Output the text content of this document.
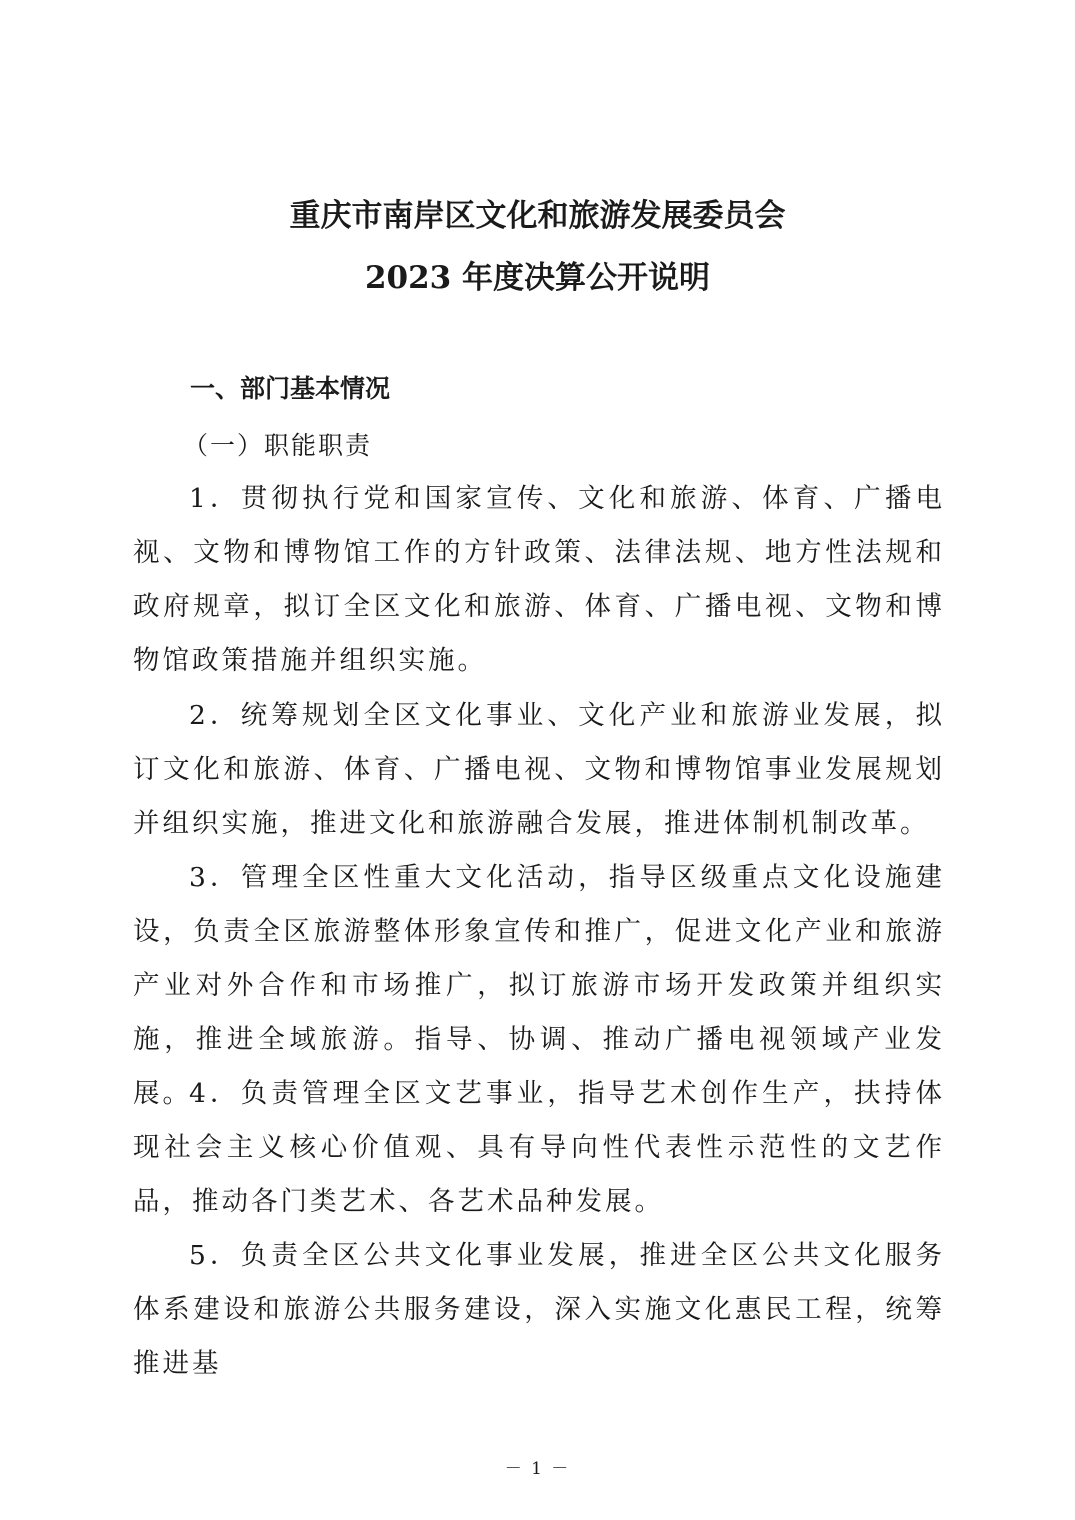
重庆市南岸区文化和旅游发展委员会
2023 年度决算公开说明
一、部门基本情况
（一）职能职责

1．贯彻执行党和国家宣传、文化和旅游、体育、广播电视、文物和博物馆工作的方针政策、法律法规、地方性法规和政府规章，拟订全区文化和旅游、体育、广播电视、文物和博物馆政策措施并组织实施。

2．统筹规划全区文化事业、文化产业和旅游业发展，拟订文化和旅游、体育、广播电视、文物和博物馆事业发展规划并组织实施，推进文化和旅游融合发展，推进体制机制改革。

3．管理全区性重大文化活动，指导区级重点文化设施建设，负责全区旅游整体形象宣传和推广，促进文化产业和旅游产业对外合作和市场推广，拟订旅游市场开发政策并组织实施，推进全域旅游。指导、协调、推动广播电视领域产业发展。

4．负责管理全区文艺事业，指导艺术创作生产，扶持体现社会主义核心价值观、具有导向性代表性示范性的文艺作品，推动各门类艺术、各艺术品种发展。

5．负责全区公共文化事业发展，推进全区公共文化服务体系建设和旅游公共服务建设，深入实施文化惠民工程，统筹推进基

－ 1 －
